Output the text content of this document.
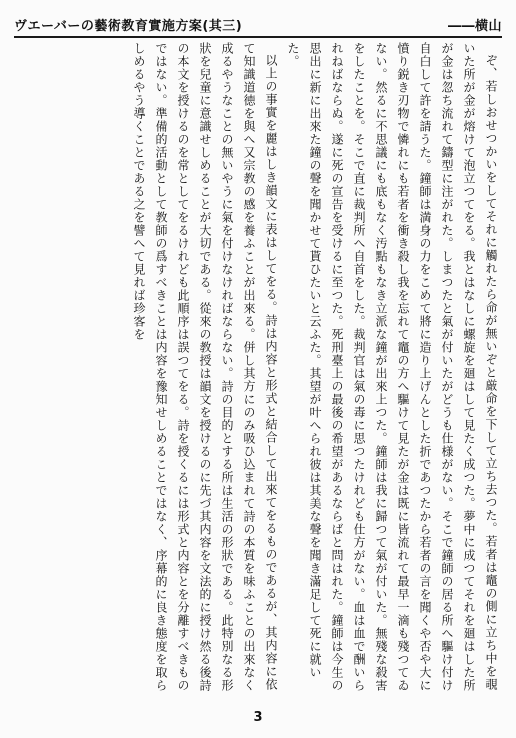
ヴエーバーの藝術教育實施方案(其三)	――横山

ぞ、若しおせつかいをしてそれに觸れたら命が無いぞと厳命を下して立ち去つた。若者は竈の側に立ち中を覗いた所が金が熔けて泡立つてをる。我とはなしに螺旋を廻はして見たく成つた。夢中に成つてそれを廻はした所が金は忽ち流れて鑄型に注がれた。しまつたと氣が付いたがどうも仕様がない。そこで鐘師の居る所へ驅け付け自白して許を請うた。鐘師は満身の力をこめて將に造り上げんとした折であつたから若者の言を聞くや否や大に憤り鋭き刃物で憐れにも若者を衝き殺し我を忘れて竈の方へ驅けて見たが金は既に皆流れて最早一滴も殘つてゐない。然るに不思議にも底もなく汚點もなき立派な鐘が出來上つた。鐘師は我に歸つて氣が付いた。無殘な殺害をしたことを。そこで直に裁判所へ自首をした。裁判官は氣の毒に思つたけれども仕方がない。血は血で酬いられねばならぬ。遂に死の宣告を受けるに至つた。死刑臺上の最後の希望があるならばと問はれた。鐘師は今生の思出に新に出來た鐘の聲を聞かせて貰ひたいと云ふた。其望が叶へられ彼は其美な聲を聞き滿足して死に就いた。

以上の事實を麗はしき韻文に表はしてをる。詩は内容と形式と結合して出來てをるものであるが、其内容に依て知識道徳を與へ又宗教の感を養ふことが出來る。併し其方にのみ吸ひ込まれて詩の本質を味ふことの出來なく成るやうなことの無いやうに氣を付けなければならない。詩の目的とする所は生活の形狀である。此特別なる形狀を兒童に意識せしめることが大切である。從來の教授は韻文を授けるのに先づ其内容を文法的に授け然る後詩の本文を授けるのを常としてをるけれども此順序は誤つてをる。詩を授くるには形式と内容とを分離すべきものではない。準備的活動として教師の爲すべきことは内容を豫知せしめることではなく、序幕的に良き態度を取らしめるやう導くことである之を譬へて見れば珍客を

3
